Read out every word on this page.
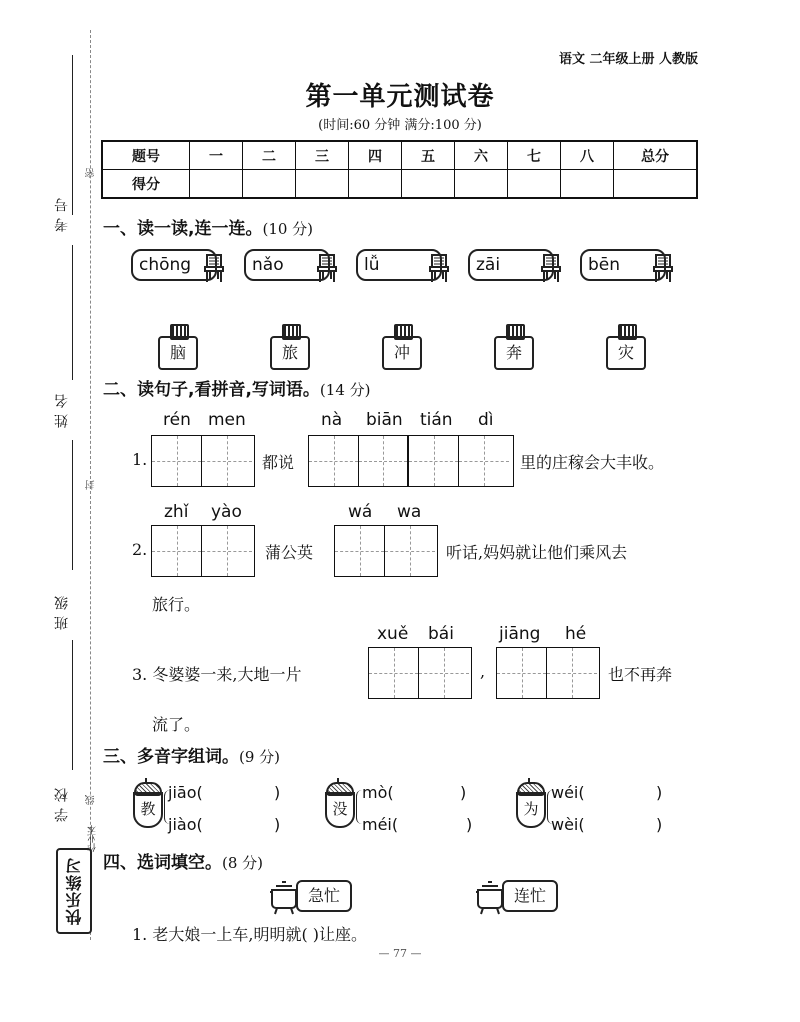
考号
姓名
班级
学校
密
封
线
作业本
快乐练习
语文 二年级上册 人教版
第一单元测试卷
(时间:60 分钟 满分:100 分)
题号	一	二	三	四	五	六	七	八	总分
得分									
一、读一读,连一连。(10 分)
chōng	nǎo	lǚ	zāi	bēn
脑	旅	冲	奔	灾
二、读句子,看拼音,写词语。(14 分)
rén men	nà biān tián dì
1.	都说	里的庄稼会大丰收。
zhǐ yào	wá wa
2.	蒲公英	听话,妈妈就让他们乘风去
旅行。
xuě bái	jiāng hé
3. 冬婆婆一来,大地一片	,	也不再奔
流了。
三、多音字组词。(9 分)
教
jiāo(	)
jiào(	)
没
mò(	)
méi(	)
为
wéi(	)
wèi(	)
四、选词填空。(8 分)
急忙	连忙
1. 老大娘一上车,明明就( )让座。
— 77 —
